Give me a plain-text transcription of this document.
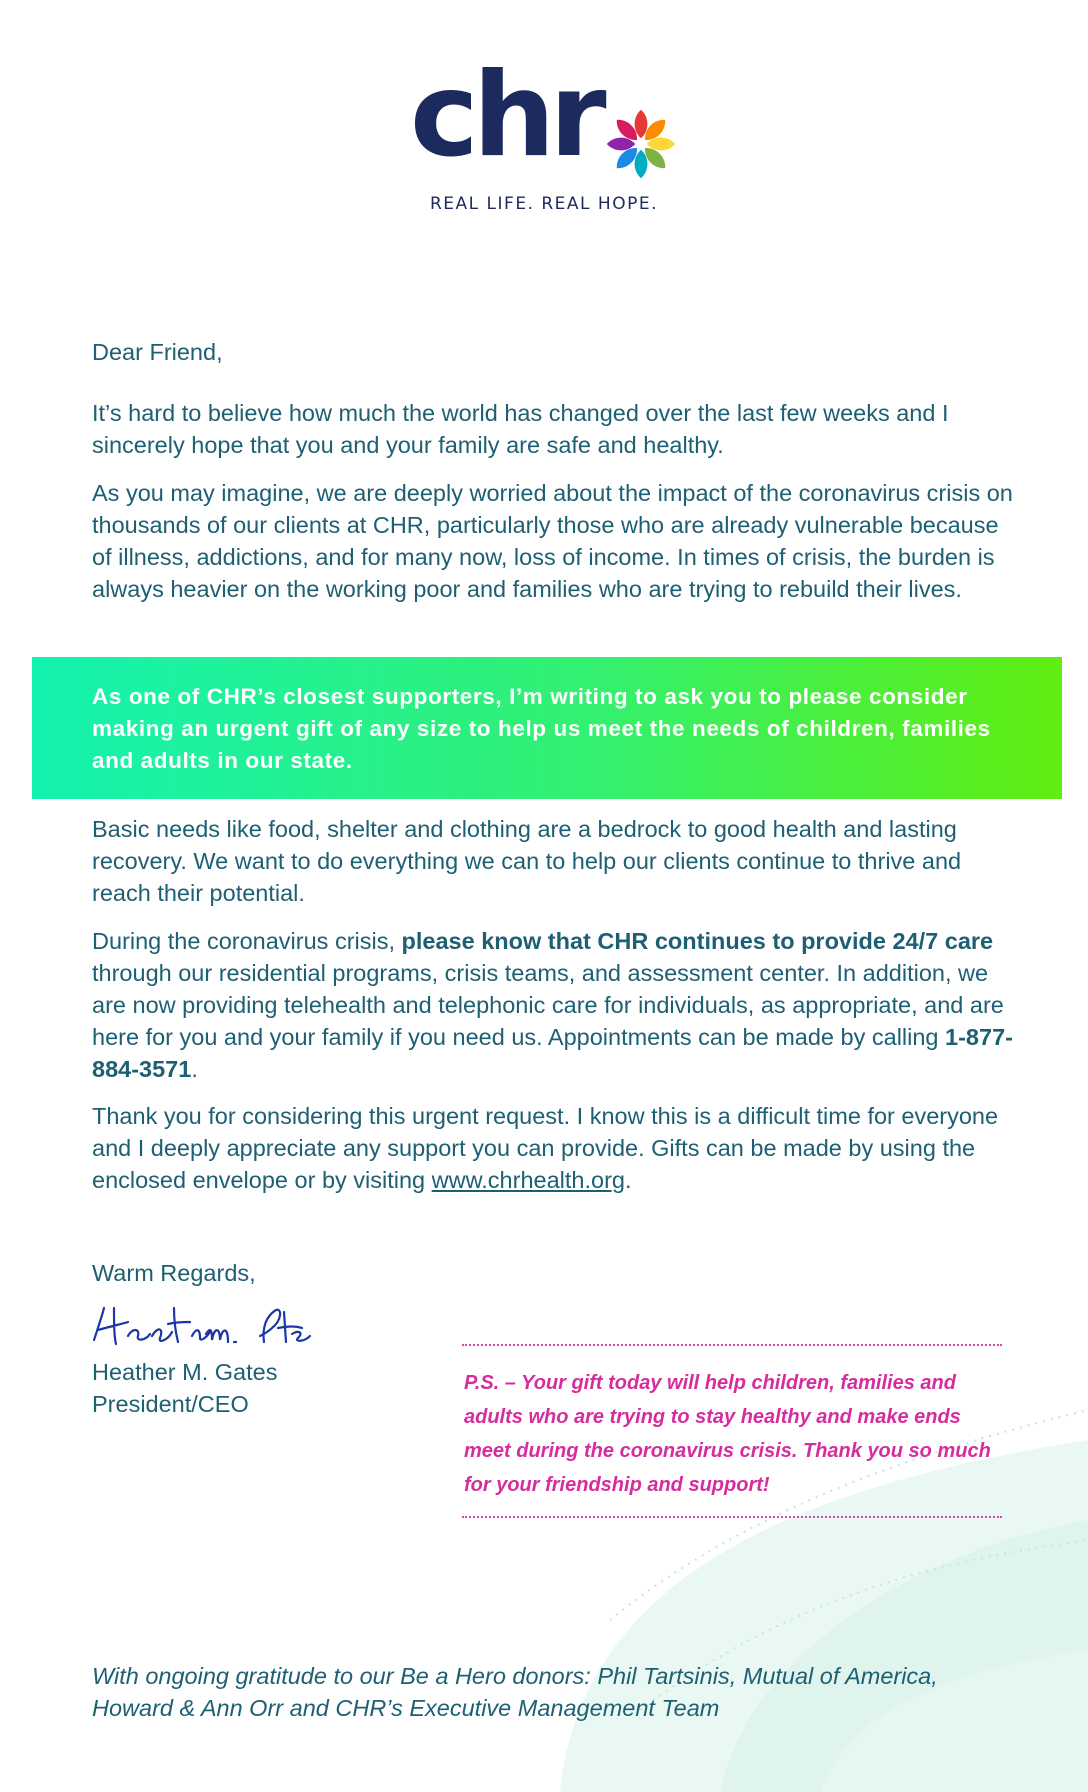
chr
REAL LIFE. REAL HOPE.
Dear Friend,

It’s hard to believe how much the world has changed over the last few weeks and I sincerely hope that you and your family are safe and healthy.

As you may imagine, we are deeply worried about the impact of the coronavirus crisis on thousands of our clients at CHR, particularly those who are already vulnerable because of illness, addictions, and for many now, loss of income. In times of crisis, the burden is always heavier on the working poor and families who are trying to rebuild their lives.

As one of CHR’s closest supporters, I’m writing to ask you to please consider making an urgent gift of any size to help us meet the needs of children, families and adults in our state.

Basic needs like food, shelter and clothing are a bedrock to good health and lasting recovery. We want to do everything we can to help our clients continue to thrive and reach their potential.

During the coronavirus crisis, please know that CHR continues to provide 24/7 care through our residential programs, crisis teams, and assessment center. In addition, we are now providing telehealth and telephonic care for individuals, as appropriate, and are here for you and your family if you need us. Appointments can be made by calling 1-877-884-3571.

Thank you for considering this urgent request. I know this is a difficult time for everyone and I deeply appreciate any support you can provide. Gifts can be made by using the enclosed envelope or by visiting www.chrhealth.org.

Warm Regards,
Heather M. Gates
President/CEO
P.S. – Your gift today will help children, families and adults who are trying to stay healthy and make ends meet during the coronavirus crisis. Thank you so much for your friendship and support!
With ongoing gratitude to our Be a Hero donors: Phil Tartsinis, Mutual of America, Howard & Ann Orr and CHR’s Executive Management Team
